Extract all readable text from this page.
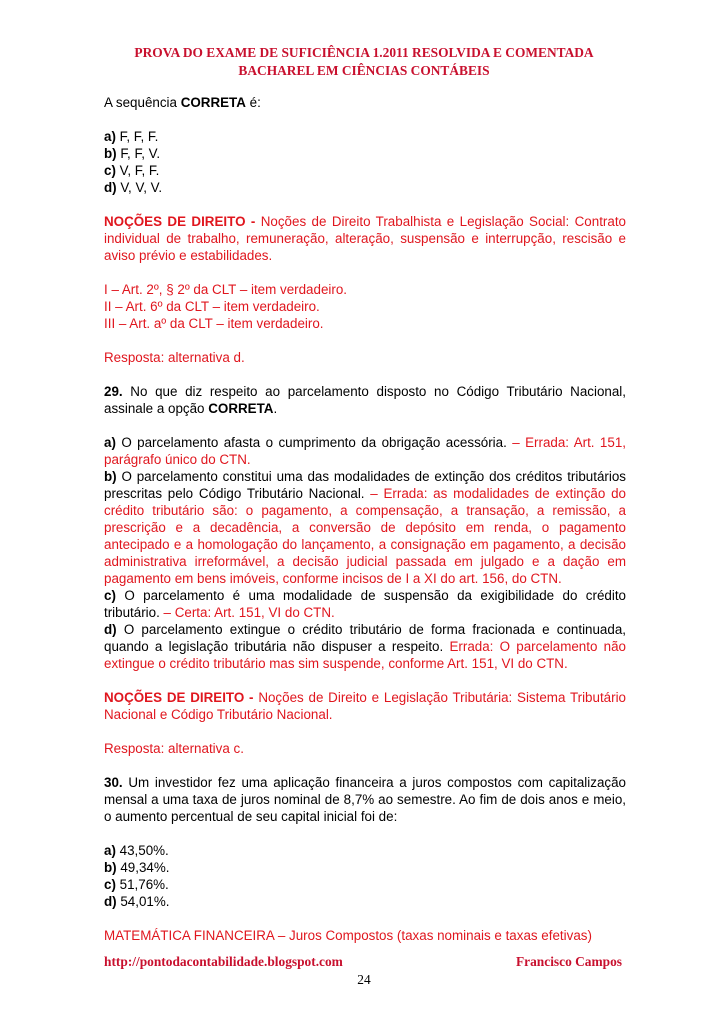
PROVA DO EXAME DE SUFICIÊNCIA 1.2011 RESOLVIDA E COMENTADA
BACHAREL EM CIÊNCIAS CONTÁBEIS

A sequência CORRETA é:

a) F, F, F.
b) F, F, V.
c) V, F, F.
d) V, V, V.

NOÇÕES DE DIREITO - Noções de Direito Trabalhista e Legislação Social: Contrato individual de trabalho, remuneração, alteração, suspensão e interrupção, rescisão e aviso prévio e estabilidades.

I – Art. 2º, § 2º da CLT – item verdadeiro.
II – Art. 6º da CLT – item verdadeiro.
III – Art. aº da CLT – item verdadeiro.

Resposta: alternativa d.

29. No que diz respeito ao parcelamento disposto no Código Tributário Nacional, assinale a opção CORRETA.

a) O parcelamento afasta o cumprimento da obrigação acessória. – Errada: Art. 151, parágrafo único do CTN.
b) O parcelamento constitui uma das modalidades de extinção dos créditos tributários prescritas pelo Código Tributário Nacional. – Errada: as modalidades de extinção do crédito tributário são: o pagamento, a compensação, a transação, a remissão, a prescrição e a decadência, a conversão de depósito em renda, o pagamento antecipado e a homologação do lançamento, a consignação em pagamento, a decisão administrativa irreformável, a decisão judicial passada em julgado e a dação em pagamento em bens imóveis, conforme incisos de I a XI do art. 156, do CTN.
c) O parcelamento é uma modalidade de suspensão da exigibilidade do crédito tributário. – Certa: Art. 151, VI do CTN.
d) O parcelamento extingue o crédito tributário de forma fracionada e continuada, quando a legislação tributária não dispuser a respeito. Errada: O parcelamento não extingue o crédito tributário mas sim suspende, conforme Art. 151, VI do CTN.

NOÇÕES DE DIREITO - Noções de Direito e Legislação Tributária: Sistema Tributário Nacional e Código Tributário Nacional.

Resposta: alternativa c.

30. Um investidor fez uma aplicação financeira a juros compostos com capitalização mensal a uma taxa de juros nominal de 8,7% ao semestre. Ao fim de dois anos e meio, o aumento percentual de seu capital inicial foi de:

a) 43,50%.
b) 49,34%.
c) 51,76%.
d) 54,01%.

MATEMÁTICA FINANCEIRA – Juros Compostos (taxas nominais e taxas efetivas)

http://pontodacontabilidade.blogspot.com	Francisco Campos
24
